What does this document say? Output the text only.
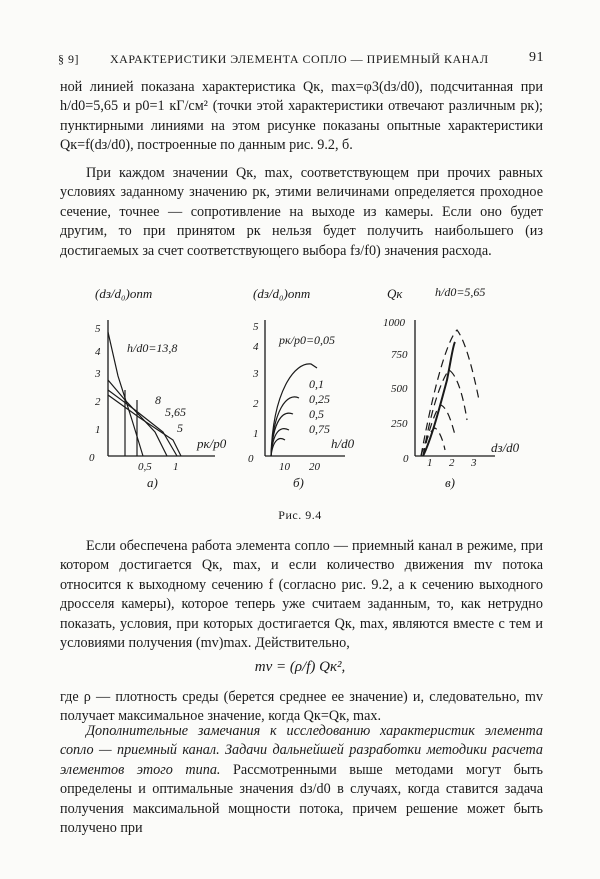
§ 9]	ХАРАКТЕРИСТИКИ ЭЛЕМЕНТА СОПЛО — ПРИЕМНЫЙ КАНАЛ	91

ной линией показана характеристика Qк, max=φ3(dз/d0), подсчитанная при h/d0=5,65 и p0=1 кГ/см² (точки этой характеристики отвечают различным pк); пунктирными линиями на этом рисунке показаны опытные характеристики Qк=f(dз/d0), построенные по данным рис. 9.2, б.

При каждом значении Qк, max, соответствующем при прочих равных условиях заданному значению pк, этими величинами определяется проходное сечение, точнее — сопротивление на выходе из камеры. Если оно будет другим, то при принятом pк нельзя будет получить наибольшего (из достигаемых за счет соответствующего выбора fз/f0) значения расхода.

(dз/d₀)опт
1
2
3
4
5
0
0,5 1
h/d0=13,8
8
5,65
5
pк/p0
а)
(dз/d₀)опт
1
2
3
4
5
0
10 20
pк/p0=0,05
0,1
0,25
0,5
0,75
h/d0
б)
Qк	h/d0=5,65
250
500
750
1000
0 1 2 3
dз/d0
в)
Рис. 9.4

Если обеспечена работа элемента сопло — приемный канал в режиме, при котором достигается Qк, max, и если количество движения mv потока относится к выходному сечению f (согласно рис. 9.2, а к сечению выходного дросселя камеры), которое теперь уже считаем заданным, то, как нетрудно показать, условия, при которых достигается Qк, max, являются вместе с тем и условиями получения (mv)max. Действительно,

mv = (ρ/f) Qк²,

где ρ — плотность среды (берется среднее ее значение) и, следовательно, mv получает максимальное значение, когда Qк=Qк, max.

Дополнительные замечания к исследованию характеристик элемента сопло — приемный канал. Задачи дальнейшей разработки методики расчета элементов этого типа. Рассмотренными выше методами могут быть определены и оптимальные значения dз/d0 в случаях, когда ставится задача получения максимальной мощности потока, причем решение может быть получено при
